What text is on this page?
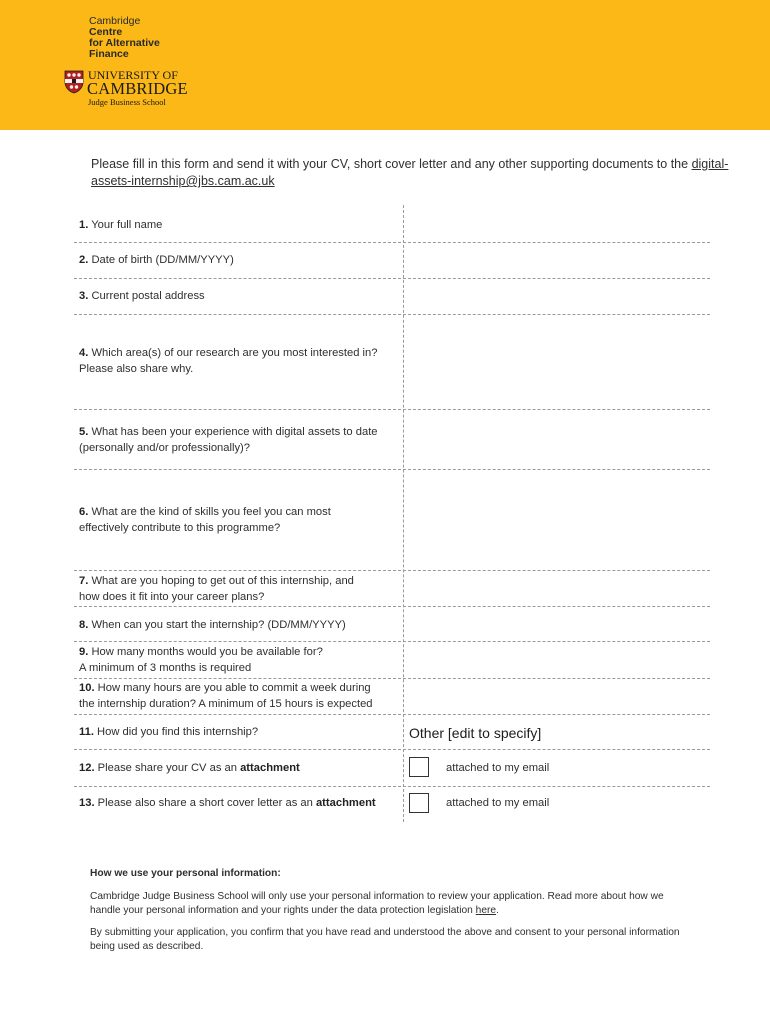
Cambridge
Centre
for Alternative
Finance
UNIVERSITY OF
CAMBRIDGE
Judge Business School
Please fill in this form and send it with your CV, short cover letter and any other supporting documents to the digital-assets-internship@jbs.cam.ac.uk
1. Your full name
2. Date of birth (DD/MM/YYYY)
3. Current postal address
4. Which area(s) of our research are you most interested in?
Please also share why.
5. What has been your experience with digital assets to date
(personally and/or professionally)?
6. What are the kind of skills you feel you can most
effectively contribute to this programme?
7. What are you hoping to get out of this internship, and
how does it fit into your career plans?
8. When can you start the internship? (DD/MM/YYYY)
9. How many months would you be available for?
A minimum of 3 months is required
10. How many hours are you able to commit a week during
the internship duration? A minimum of 15 hours is expected
11. How did you find this internship?
12. Please share your CV as an attachment
13. Please also share a short cover letter as an attachment
Other [edit to specify]
attached to my email
attached to my email
How we use your personal information:
Cambridge Judge Business School will only use your personal information to review your application. Read more about how we handle your personal information and your rights under the data protection legislation here.
By submitting your application, you confirm that you have read and understood the above and consent to your personal information being used as described.
